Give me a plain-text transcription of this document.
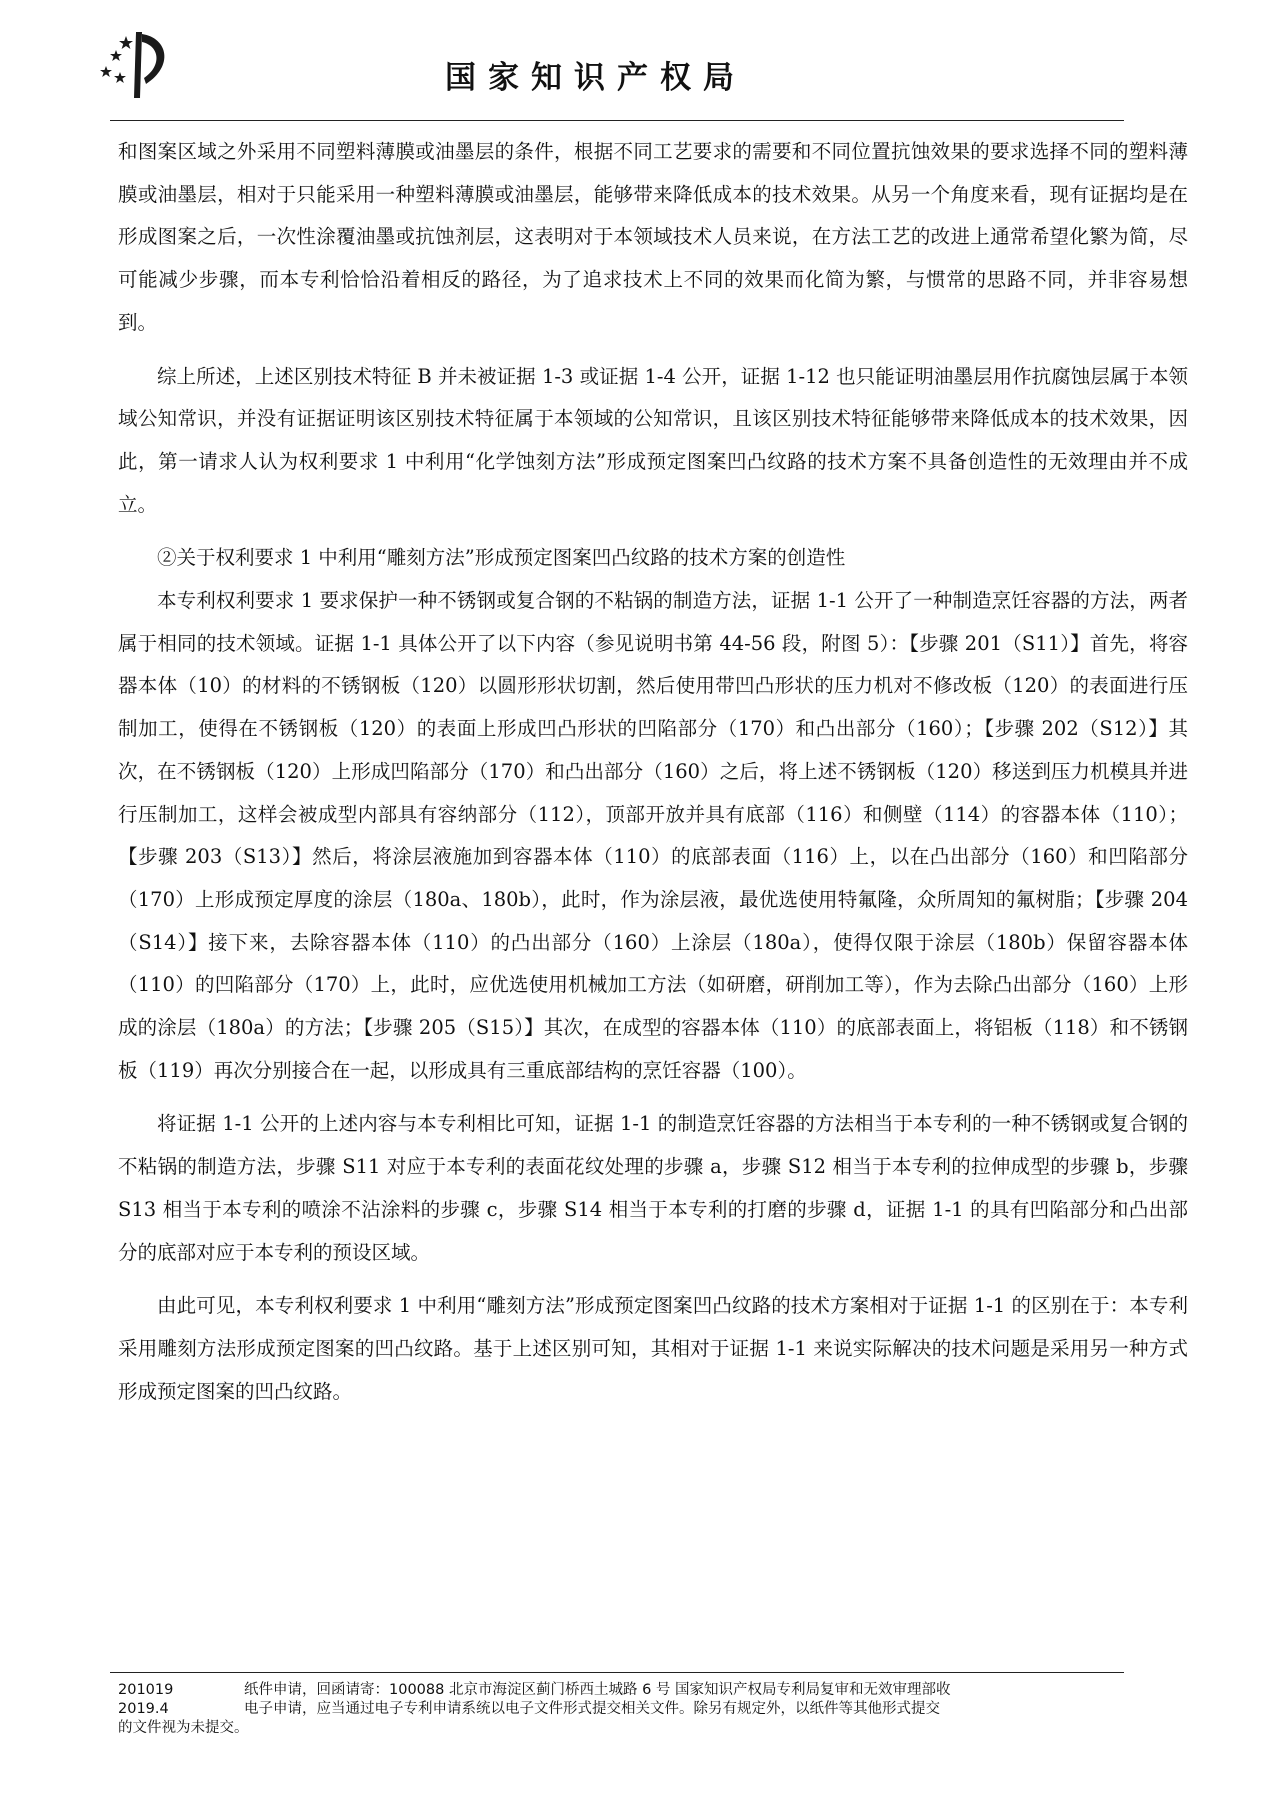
国家知识产权局

和图案区域之外采用不同塑料薄膜或油墨层的条件，根据不同工艺要求的需要和不同位置抗蚀效果的要求选择不同的塑料薄膜或油墨层，相对于只能采用一种塑料薄膜或油墨层，能够带来降低成本的技术效果。从另一个角度来看，现有证据均是在形成图案之后，一次性涂覆油墨或抗蚀剂层，这表明对于本领域技术人员来说，在方法工艺的改进上通常希望化繁为简，尽可能减少步骤，而本专利恰恰沿着相反的路径，为了追求技术上不同的效果而化简为繁，与惯常的思路不同，并非容易想到。

综上所述，上述区别技术特征 B 并未被证据 1-3 或证据 1-4 公开，证据 1-12 也只能证明油墨层用作抗腐蚀层属于本领域公知常识，并没有证据证明该区别技术特征属于本领域的公知常识，且该区别技术特征能够带来降低成本的技术效果，因此，第一请求人认为权利要求 1 中利用“化学蚀刻方法”形成预定图案凹凸纹路的技术方案不具备创造性的无效理由并不成立。

②关于权利要求 1 中利用“雕刻方法”形成预定图案凹凸纹路的技术方案的创造性

本专利权利要求 1 要求保护一种不锈钢或复合钢的不粘锅的制造方法，证据 1-1 公开了一种制造烹饪容器的方法，两者属于相同的技术领域。证据 1-1 具体公开了以下内容（参见说明书第 44-56 段，附图 5）：【步骤 201（S11）】首先，将容器本体（10）的材料的不锈钢板（120）以圆形形状切割，然后使用带凹凸形状的压力机对不修改板（120）的表面进行压制加工，使得在不锈钢板（120）的表面上形成凹凸形状的凹陷部分（170）和凸出部分（160）；【步骤 202（S12）】其次，在不锈钢板（120）上形成凹陷部分（170）和凸出部分（160）之后，将上述不锈钢板（120）移送到压力机模具并进行压制加工，这样会被成型内部具有容纳部分（112），顶部开放并具有底部（116）和侧壁（114）的容器本体（110）；【步骤 203（S13）】然后，将涂层液施加到容器本体（110）的底部表面（116）上，以在凸出部分（160）和凹陷部分（170）上形成预定厚度的涂层（180a、180b），此时，作为涂层液，最优选使用特氟隆，众所周知的氟树脂；【步骤 204（S14）】接下来，去除容器本体（110）的凸出部分（160）上涂层（180a），使得仅限于涂层（180b）保留容器本体（110）的凹陷部分（170）上，此时，应优选使用机械加工方法（如研磨，研削加工等），作为去除凸出部分（160）上形成的涂层（180a）的方法；【步骤 205（S15）】其次，在成型的容器本体（110）的底部表面上，将铝板（118）和不锈钢板（119）再次分别接合在一起，以形成具有三重底部结构的烹饪容器（100）。

将证据 1-1 公开的上述内容与本专利相比可知，证据 1-1 的制造烹饪容器的方法相当于本专利的一种不锈钢或复合钢的不粘锅的制造方法，步骤 S11 对应于本专利的表面花纹处理的步骤 a，步骤 S12 相当于本专利的拉伸成型的步骤 b，步骤 S13 相当于本专利的喷涂不沾涂料的步骤 c，步骤 S14 相当于本专利的打磨的步骤 d，证据 1-1 的具有凹陷部分和凸出部分的底部对应于本专利的预设区域。

由此可见，本专利权利要求 1 中利用“雕刻方法”形成预定图案凹凸纹路的技术方案相对于证据 1-1 的区别在于：本专利采用雕刻方法形成预定图案的凹凸纹路。基于上述区别可知，其相对于证据 1-1 来说实际解决的技术问题是采用另一种方式形成预定图案的凹凸纹路。

201019	纸件申请，回函请寄：100088 北京市海淀区蓟门桥西土城路 6 号 国家知识产权局专利局复审和无效审理部收
2019.4	电子申请，应当通过电子专利申请系统以电子文件形式提交相关文件。除另有规定外，以纸件等其他形式提交
的文件视为未提交。
